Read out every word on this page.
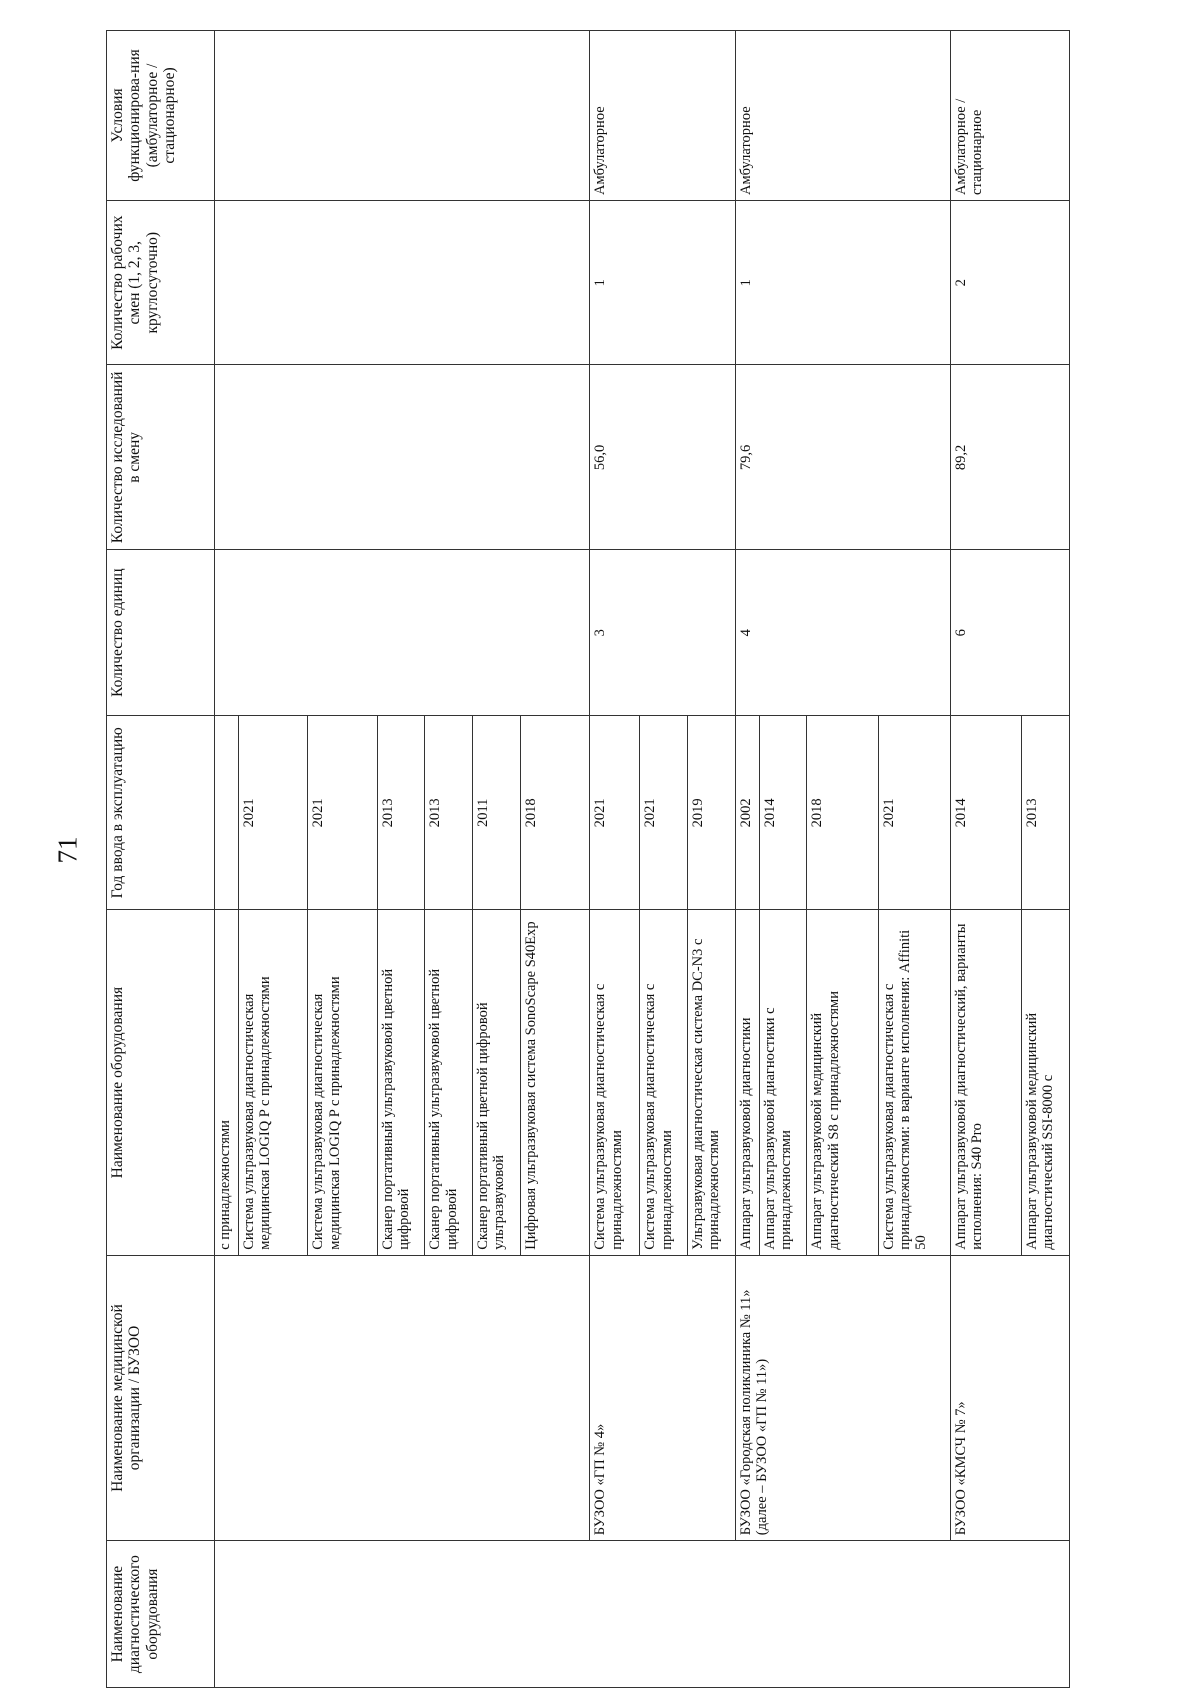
71
Наименование диагностического оборудования	Наименование медицинской организации / БУЗОО	Наименование оборудования	Год ввода в эксплуатацию	Количество единиц	Количество исследований в смену	Количество рабочих смен (1, 2, 3, круглосуточно)	Условия функционирова-ния (амбулаторное / стационарное)
		с принадлежностями					
		Система ультразвуковая диагностическая медицинская LOGIQ P с принадлежностями	2021				
		Система ультразвуковая диагностическая медицинская LOGIQ P с принадлежностями	2021				
		Сканер портативный ультразвуковой цветной цифровой	2013				
		Сканер портативный ультразвуковой цветной цифровой	2013				
		Сканер портативный цветной цифровой ультразвуковой	2011				
		Цифровая ультразвуковая система SonoScape S40Exp	2018				
	БУЗОО «ГП № 4»	Система ультразвуковая диагностическая с принадлежностями	2021	3	56,0	1	Амбулаторное
		Система ультразвуковая диагностическая с принадлежностями	2021				
		Ультразвуковая диагностическая система DC-N3 с принадлежностями	2019				
	БУЗОО «Городская поликлиника № 11» (далее – БУЗОО «ГП № 11»)	Аппарат ультразвуковой диагностики	2002	4	79,6	1	Амбулаторное
		Аппарат ультразвуковой диагностики с принадлежностями	2014				
		Аппарат ультразвуковой медицинский диагностический S8 с принадлежностями	2018				
		Система ультразвуковая диагностическая с принадлежностями: в варианте исполнения: Affiniti 50	2021				
	БУЗОО «КМСЧ № 7»	Аппарат ультразвуковой диагностический, варианты исполнения: S40 Pro	2014	6	89,2	2	Амбулаторное / стационарное
		Аппарат ультразвуковой медицинский диагностический SSI-8000 с	2013				
